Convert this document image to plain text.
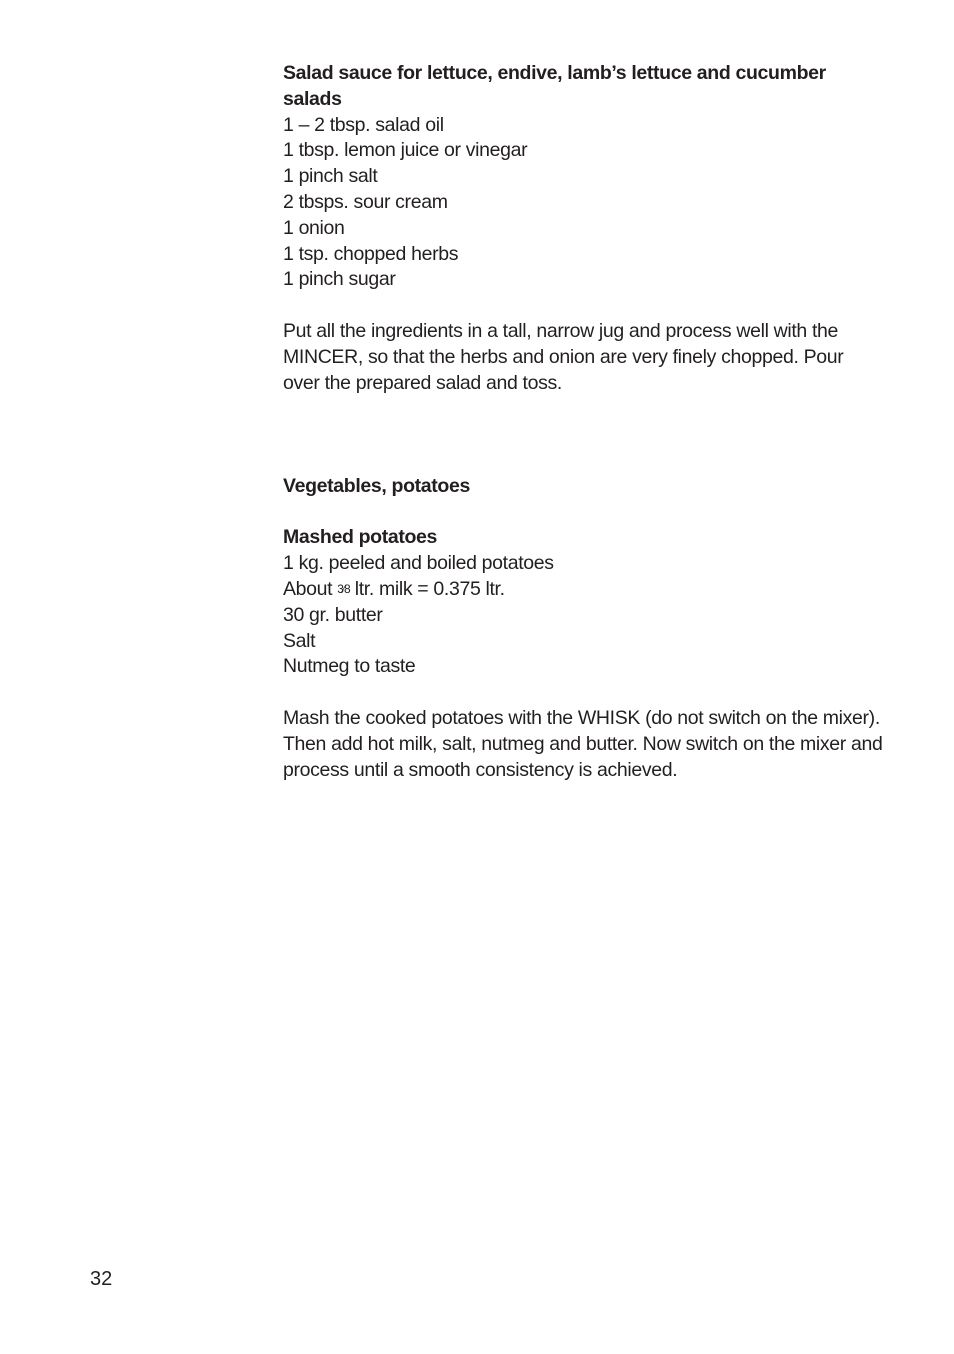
Salad sauce for lettuce, endive, lamb’s lettuce and cucumber salads

1 – 2 tbsp. salad oil

1 tbsp. lemon juice or vinegar

1 pinch salt

2 tbsps. sour cream

1 onion

1 tsp. chopped herbs

1 pinch sugar

Put all the ingredients in a tall, narrow jug and process well with the MINCER, so that the herbs and onion are very finely chopped. Pour over the prepared salad and toss.

Vegetables, potatoes

Mashed potatoes

1 kg. peeled and boiled potatoes

About 3⁄8 ltr. milk = 0.375 ltr.

30 gr. butter

Salt

Nutmeg to taste

Mash the cooked potatoes with the WHISK (do not switch on the mixer). Then add hot milk, salt, nutmeg and butter. Now switch on the mixer and process until a smooth consistency is achieved.

32
